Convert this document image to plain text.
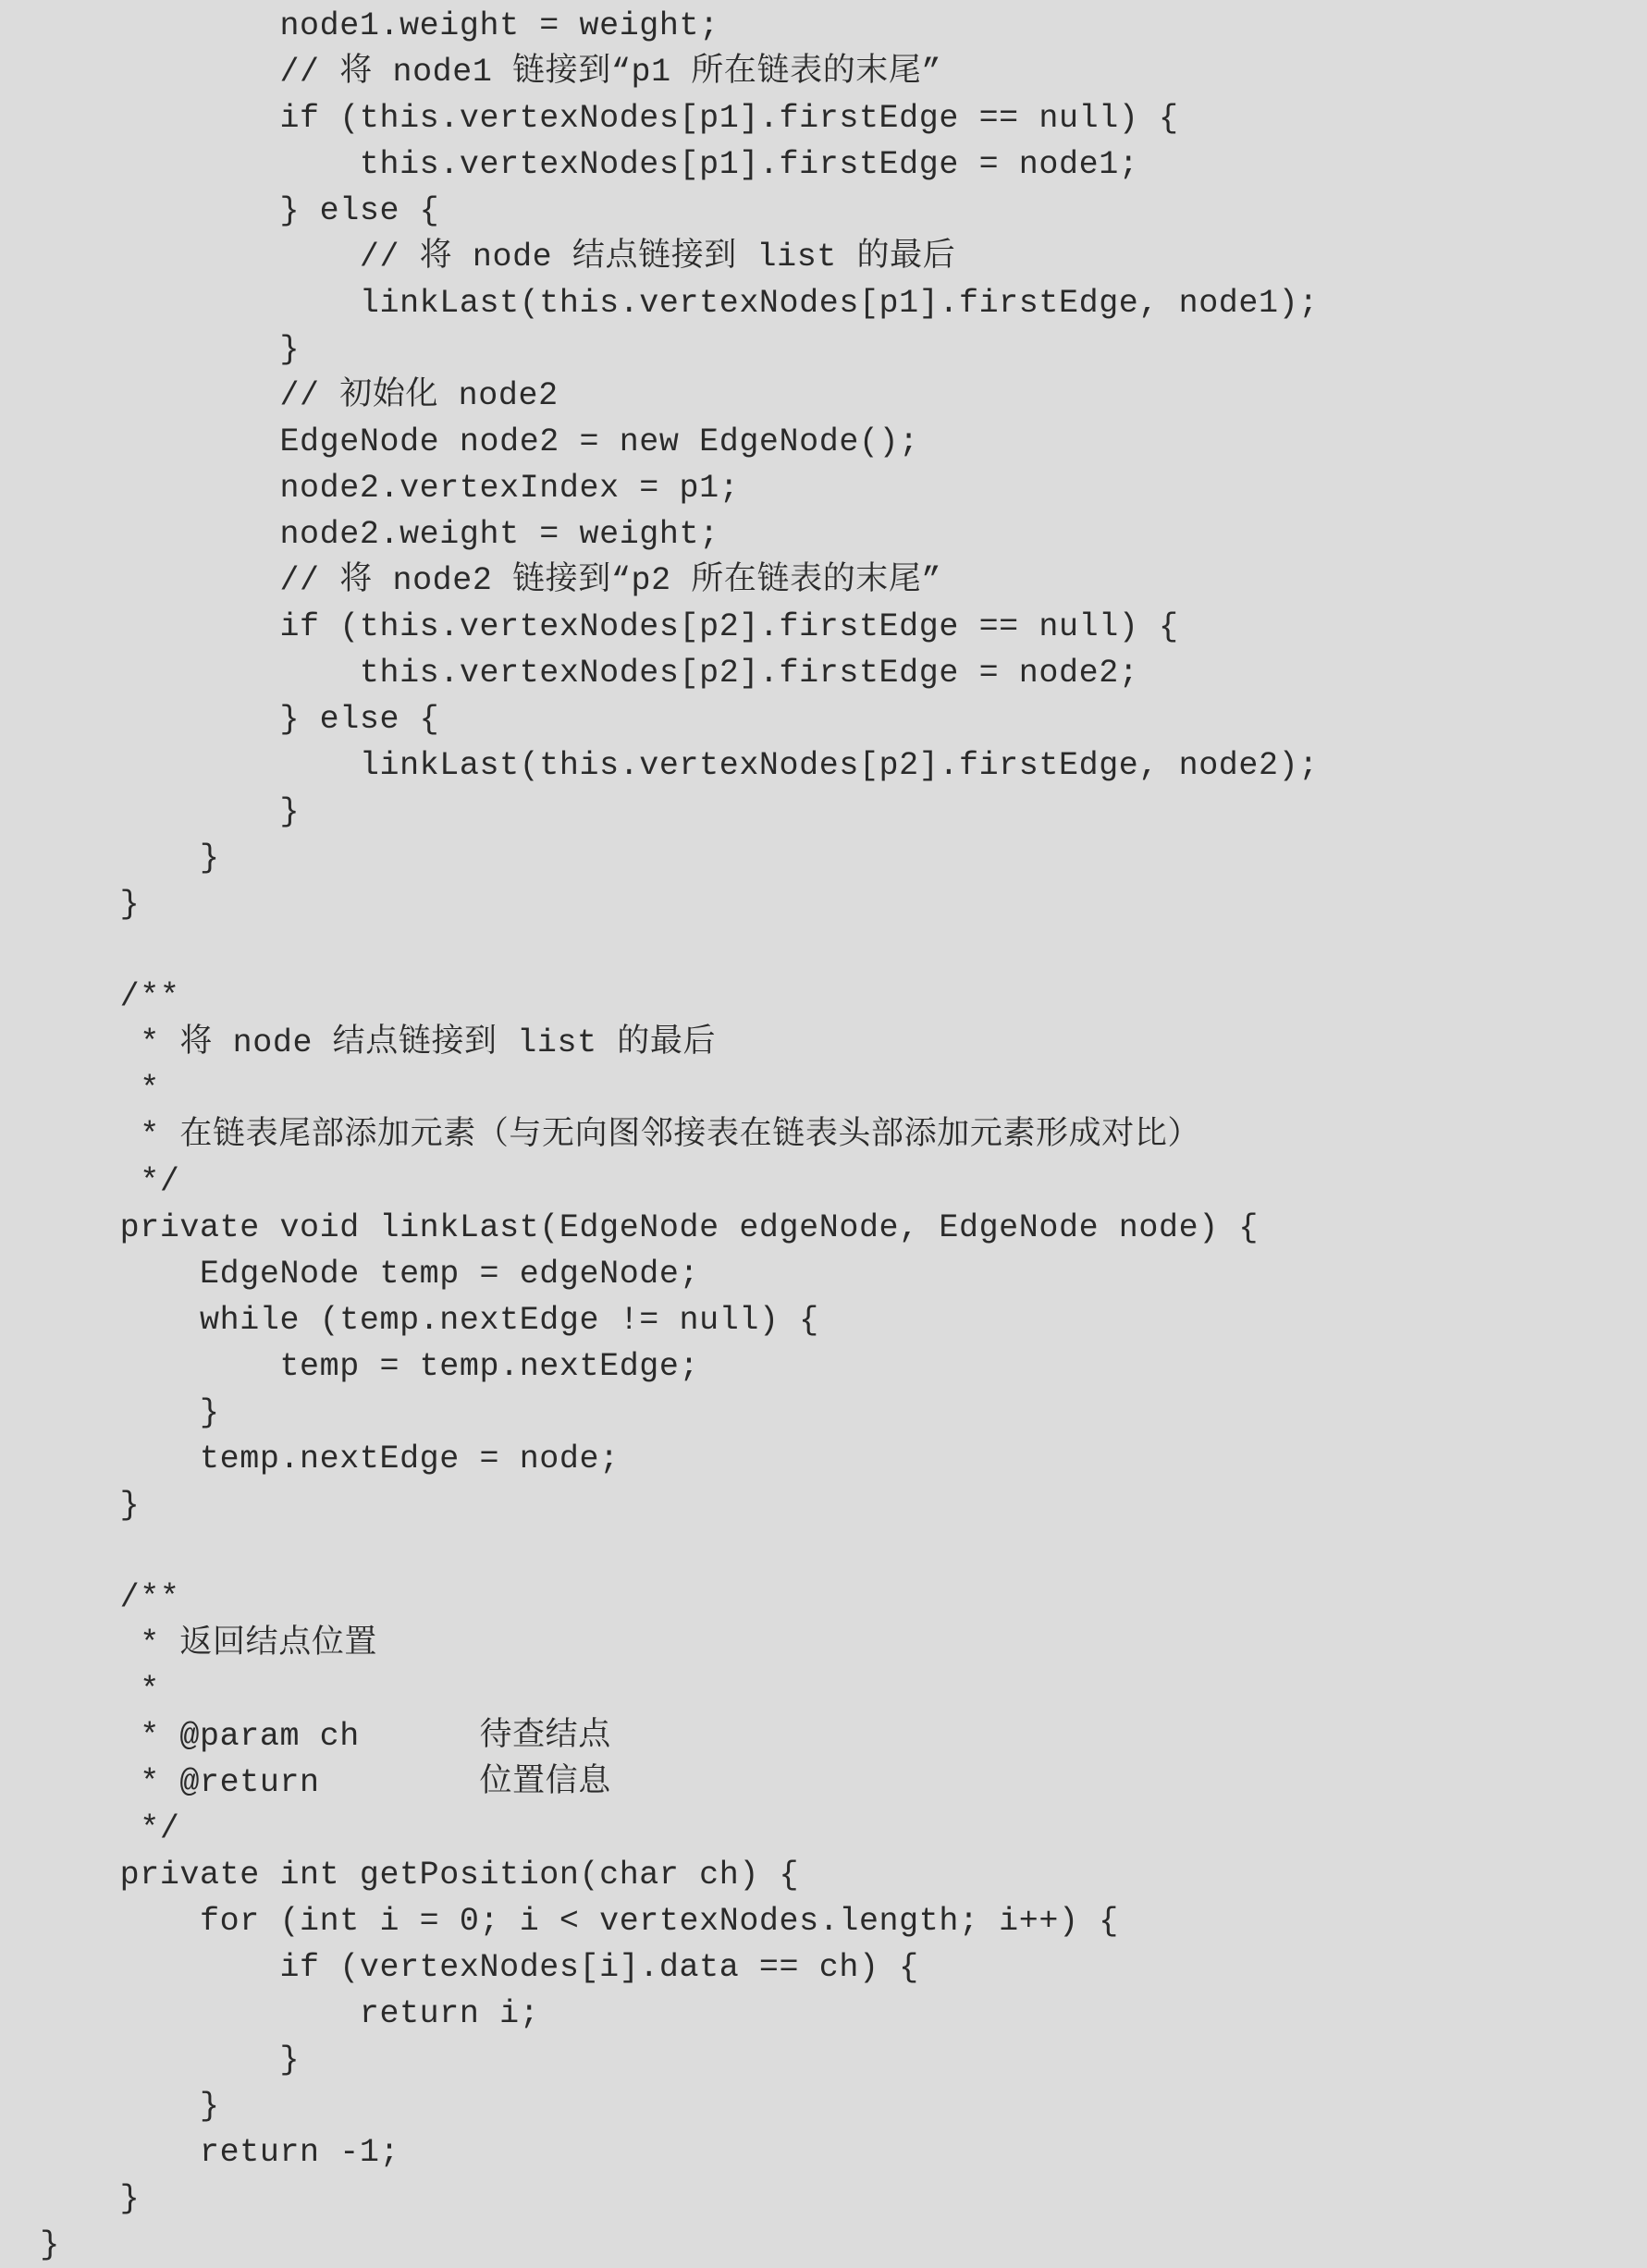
node1.weight = weight;
// 将 node1 链接到“p1 所在链表的末尾”
if (this.vertexNodes[p1].firstEdge == null) {
this.vertexNodes[p1].firstEdge = node1;
} else {
// 将 node 结点链接到 list 的最后
linkLast(this.vertexNodes[p1].firstEdge, node1);
}
// 初始化 node2
EdgeNode node2 = new EdgeNode();
node2.vertexIndex = p1;
node2.weight = weight;
// 将 node2 链接到“p2 所在链表的末尾”
if (this.vertexNodes[p2].firstEdge == null) {
this.vertexNodes[p2].firstEdge = node2;
} else {
linkLast(this.vertexNodes[p2].firstEdge, node2);
}
}
}
/**
* 将 node 结点链接到 list 的最后
*
* 在链表尾部添加元素（与无向图邻接表在链表头部添加元素形成对比）
*/
private void linkLast(EdgeNode edgeNode, EdgeNode node) {
EdgeNode temp = edgeNode;
while (temp.nextEdge != null) {
temp = temp.nextEdge;
}
temp.nextEdge = node;
}
/**
* 返回结点位置
*
* @param ch      待查结点
* @return        位置信息
*/
private int getPosition(char ch) {
for (int i = 0; i < vertexNodes.length; i++) {
if (vertexNodes[i].data == ch) {
return i;
}
}
return -1;
}
}
